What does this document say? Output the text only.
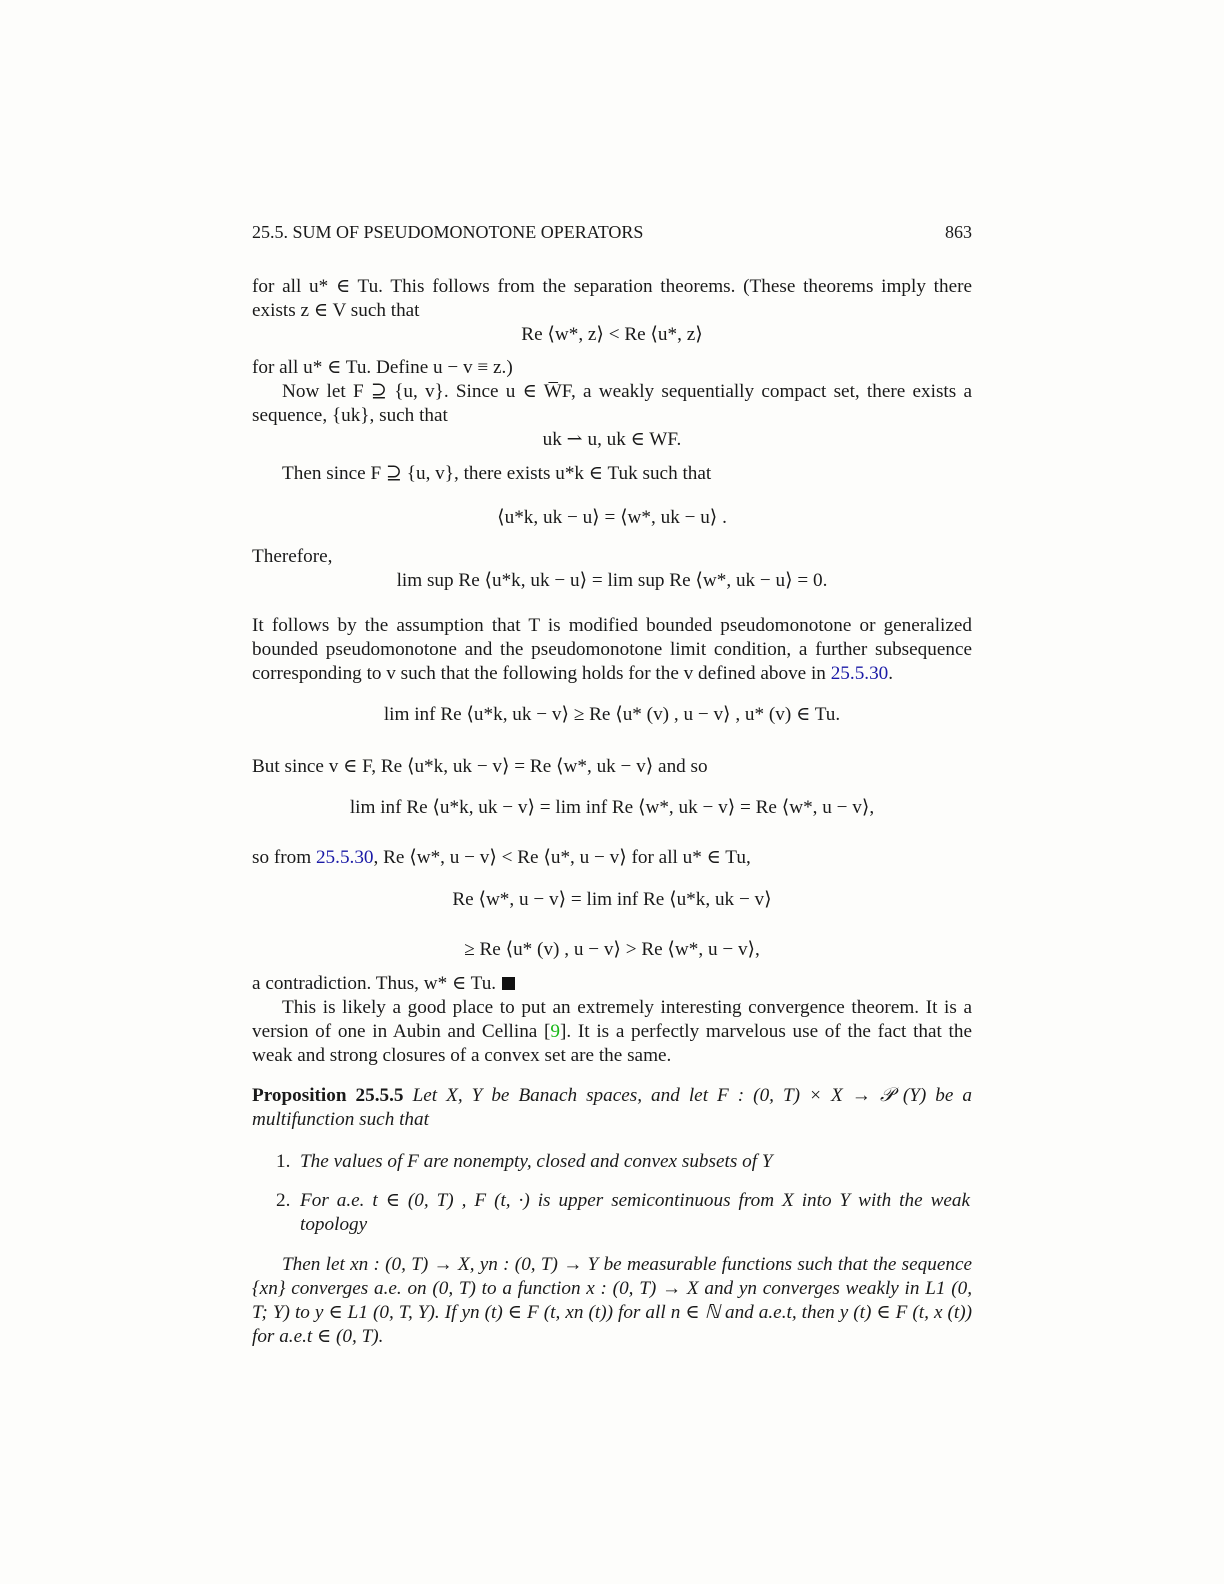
25.5. SUM OF PSEUDOMONOTONE OPERATORS	863
for all u* ∈ Tu. This follows from the separation theorems. (These theorems imply there exists z ∈ V such that
Re ⟨w*, z⟩ < Re ⟨u*, z⟩
for all u* ∈ Tu. Define u − v ≡ z.)
Now let F ⊇ {u, v}. Since u ∈ W̅F, a weakly sequentially compact set, there exists a sequence, {uk}, such that
uk ⇀ u, uk ∈ WF.
Then since F ⊇ {u, v}, there exists u*k ∈ Tuk such that
⟨u*k, uk − u⟩ = ⟨w*, uk − u⟩ .
Therefore,
lim sup Re ⟨u*k, uk − u⟩ = lim sup Re ⟨w*, uk − u⟩ = 0.
It follows by the assumption that T is modified bounded pseudomonotone or generalized bounded pseudomonotone and the pseudomonotone limit condition, a further subsequence corresponding to v such that the following holds for the v defined above in 25.5.30.
lim inf Re ⟨u*k, uk − v⟩ ≥ Re ⟨u* (v) , u − v⟩ , u* (v) ∈ Tu.
But since v ∈ F, Re ⟨u*k, uk − v⟩ = Re ⟨w*, uk − v⟩ and so
lim inf Re ⟨u*k, uk − v⟩ = lim inf Re ⟨w*, uk − v⟩ = Re ⟨w*, u − v⟩,
so from 25.5.30, Re ⟨w*, u − v⟩ < Re ⟨u*, u − v⟩ for all u* ∈ Tu,
Re ⟨w*, u − v⟩ = lim inf Re ⟨u*k, uk − v⟩
≥ Re ⟨u* (v) , u − v⟩ > Re ⟨w*, u − v⟩,
a contradiction. Thus, w* ∈ Tu.
This is likely a good place to put an extremely interesting convergence theorem. It is a version of one in Aubin and Cellina [9]. It is a perfectly marvelous use of the fact that the weak and strong closures of a convex set are the same.
Proposition 25.5.5 Let X, Y be Banach spaces, and let F : (0, T) × X → 𝒫 (Y) be a multifunction such that
1. The values of F are nonempty, closed and convex subsets of Y
2. For a.e. t ∈ (0, T) , F (t, ·) is upper semicontinuous from X into Y with the weak topology
Then let xn : (0, T) → X, yn : (0, T) → Y be measurable functions such that the sequence {xn} converges a.e. on (0, T) to a function x : (0, T) → X and yn converges weakly in L1 (0, T; Y) to y ∈ L1 (0, T, Y). If yn (t) ∈ F (t, xn (t)) for all n ∈ ℕ and a.e.t, then y (t) ∈ F (t, x (t)) for a.e.t ∈ (0, T).
